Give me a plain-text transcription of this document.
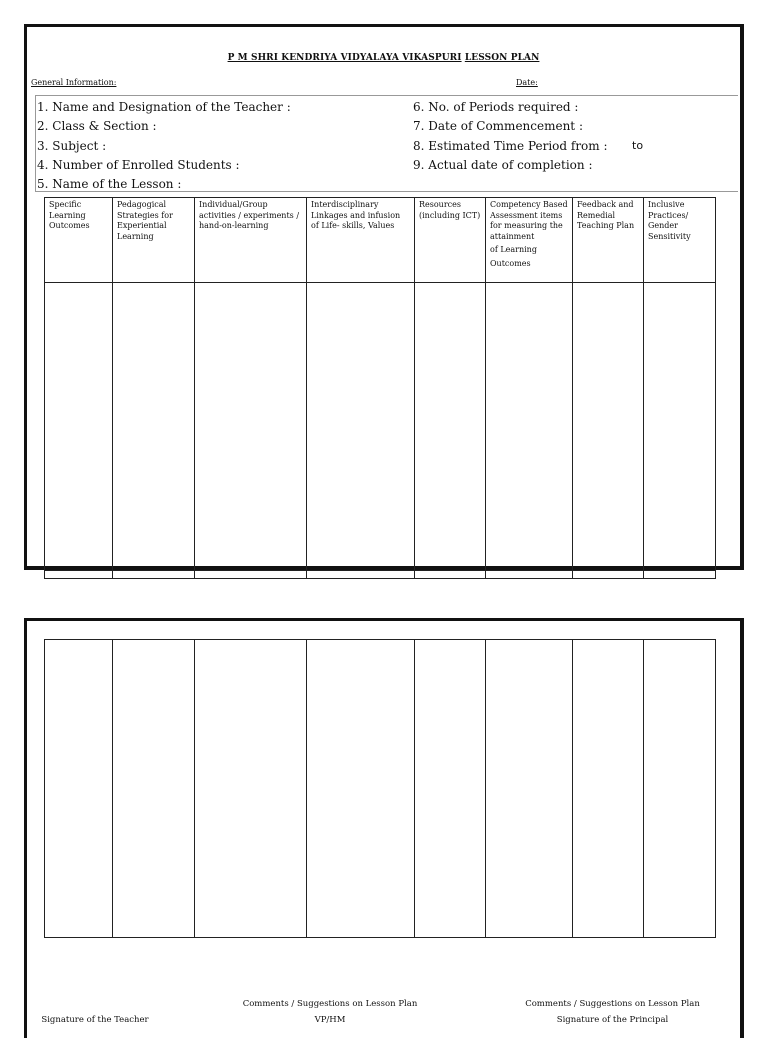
P M SHRI KENDRIYA VIDYALAYA VIKASPURI LESSON PLAN
General Information:	Date:
1. Name and Designation of the Teacher :
2. Class & Section :
3. Subject :
4. Number of Enrolled Students :
5. Name of the Lesson :
6. No. of Periods required :
7. Date of Commencement :
8. Estimated Time Period from :
9. Actual date of completion :
to
Specific Learning Outcomes	Pedagogical Strategies for Experiential Learning	Individual/Group activities / experiments / hand-on-learning	Interdisciplinary Linkages and infusion of Life- skills, Values	Resources (including ICT)	Competency Based Assessment items for measuring the attainment
of Learning
Outcomes	Feedback and Remedial Teaching Plan	Inclusive Practices/ Gender Sensitivity

Signature of the Teacher
Comments / Suggestions on Lesson Plan
VP/HM
Comments / Suggestions on Lesson Plan
Signature of the Principal
